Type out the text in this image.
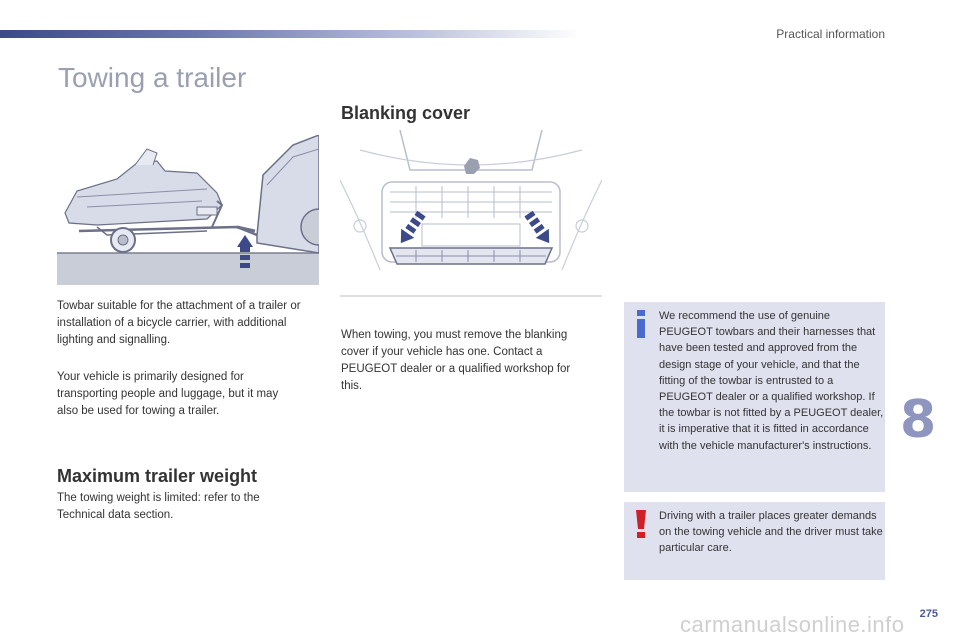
Practical information
Towing a trailer

Towbar suitable for the attachment of a trailer or installation of a bicycle carrier, with additional lighting and signalling.

Your vehicle is primarily designed for transporting people and luggage, but it may also be used for towing a trailer.

Maximum trailer weight

The towing weight is limited: refer to the Technical data section.

Blanking cover

When towing, you must remove the blanking cover if your vehicle has one. Contact a PEUGEOT dealer or a qualified workshop for this.

We recommend the use of genuine PEUGEOT towbars and their harnesses that have been tested and approved from the design stage of your vehicle, and that the fitting of the towbar is entrusted to a PEUGEOT dealer or a qualified workshop. If the towbar is not fitted by a PEUGEOT dealer, it is imperative that it is fitted in accordance with the vehicle manufacturer's instructions.
Driving with a trailer places greater demands on the towing vehicle and the driver must take particular care.
8
275
carmanualsonline.info
